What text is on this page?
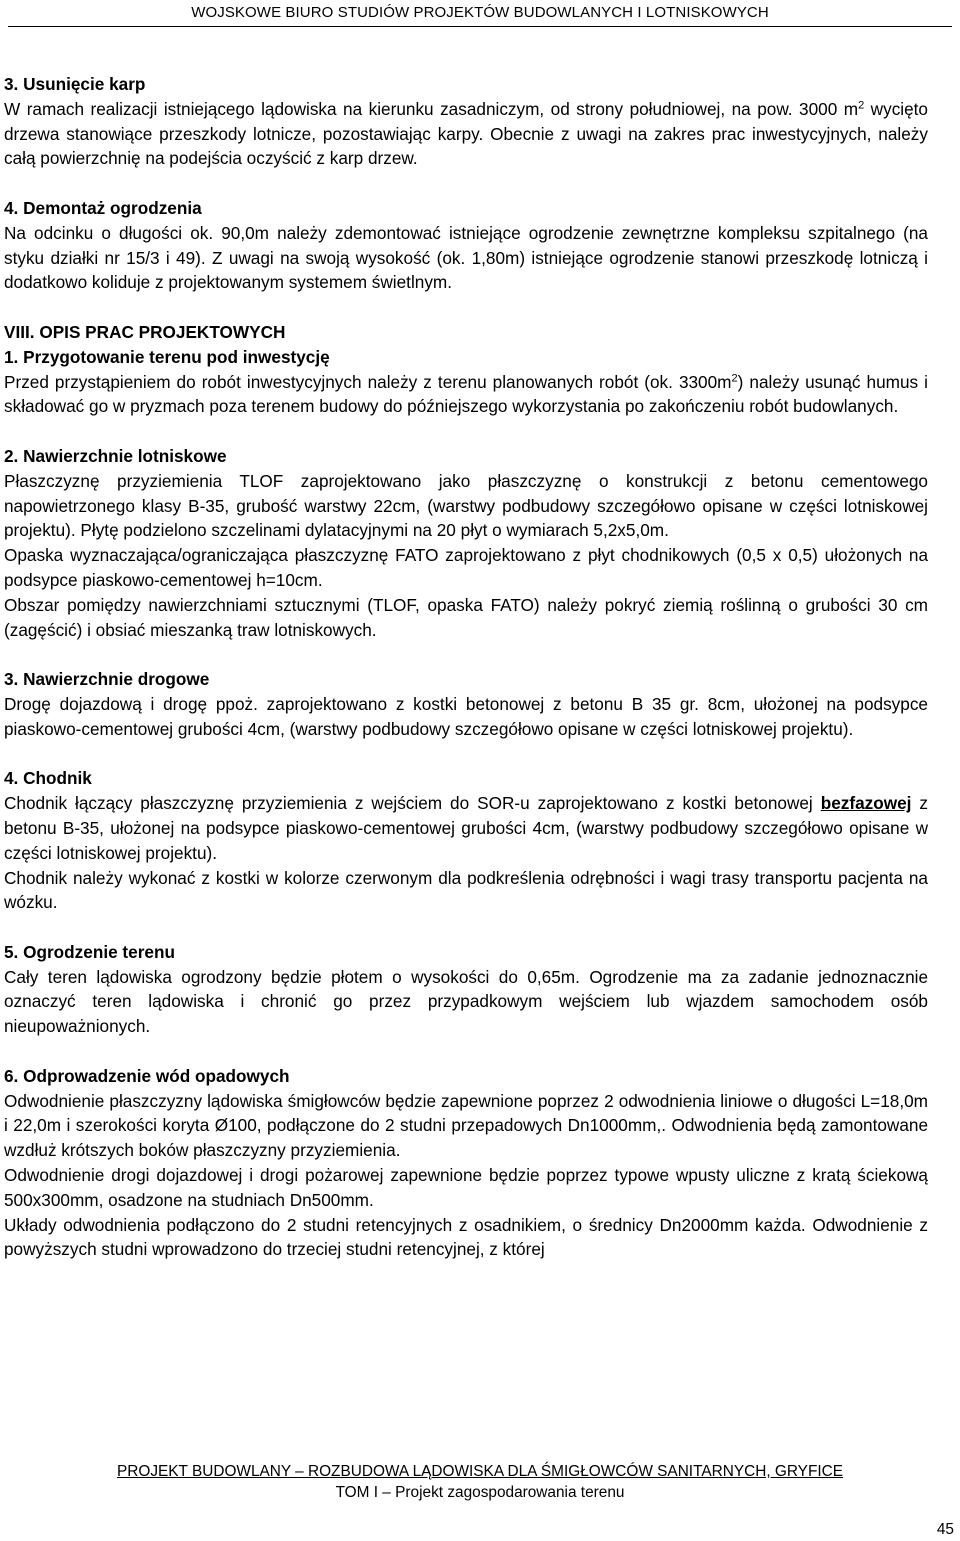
WOJSKOWE BIURO STUDIÓW PROJEKTÓW BUDOWLANYCH I LOTNISKOWYCH
3. Usunięcie karp

W ramach realizacji istniejącego lądowiska na kierunku zasadniczym, od strony południowej, na pow. 3000 $m^2$ wycięto drzewa stanowiące przeszkody lotnicze, pozostawiając karpy. Obecnie z uwagi na zakres prac inwestycyjnych, należy całą powierzchnię na podejścia oczyścić z karp drzew.

4. Demontaż ogrodzenia

Na odcinku o długości ok. 90,0m należy zdemontować istniejące ogrodzenie zewnętrzne kompleksu szpitalnego (na styku działki nr 15/3 i 49). Z uwagi na swoją wysokość (ok. 1,80m) istniejące ogrodzenie stanowi przeszkodę lotniczą i dodatkowo koliduje z projektowanym systemem świetlnym.

VIII. OPIS PRAC PROJEKTOWYCH
1. Przygotowanie terenu pod inwestycję

Przed przystąpieniem do robót inwestycyjnych należy z terenu planowanych robót (ok. $3300m^2$) należy usunąć humus i składować go w pryzmach poza terenem budowy do późniejszego wykorzystania po zakończeniu robót budowlanych.

2. Nawierzchnie lotniskowe

Płaszczyznę przyziemienia TLOF zaprojektowano jako płaszczyznę o konstrukcji z betonu cementowego napowietrzonego klasy B-35, grubość warstwy 22cm, (warstwy podbudowy szczegółowo opisane w części lotniskowej projektu). Płytę podzielono szczelinami dylatacyjnymi na 20 płyt o wymiarach 5,2x5,0m.

Opaska wyznaczająca/ograniczająca płaszczyznę FATO zaprojektowano z płyt chodnikowych (0,5 x 0,5) ułożonych na podsypce piaskowo-cementowej h=10cm.

Obszar pomiędzy nawierzchniami sztucznymi (TLOF, opaska FATO) należy pokryć ziemią roślinną o grubości 30 cm (zagęścić) i obsiać mieszanką traw lotniskowych.

3. Nawierzchnie drogowe

Drogę dojazdową i drogę ppoż. zaprojektowano z kostki betonowej z betonu B 35 gr. 8cm, ułożonej na podsypce piaskowo-cementowej grubości 4cm, (warstwy podbudowy szczegółowo opisane w części lotniskowej projektu).

4. Chodnik

Chodnik łączący płaszczyznę przyziemienia z wejściem do SOR-u zaprojektowano z kostki betonowej bezfazowej z betonu B-35, ułożonej na podsypce piaskowo-cementowej grubości 4cm, (warstwy podbudowy szczegółowo opisane w części lotniskowej projektu).

Chodnik należy wykonać z kostki w kolorze czerwonym dla podkreślenia odrębności i wagi trasy transportu pacjenta na wózku.

5. Ogrodzenie terenu

Cały teren lądowiska ogrodzony będzie płotem o wysokości do 0,65m. Ogrodzenie ma za zadanie jednoznacznie oznaczyć teren lądowiska i chronić go przez przypadkowym wejściem lub wjazdem samochodem osób nieupoważnionych.

6. Odprowadzenie wód opadowych

Odwodnienie płaszczyzny lądowiska śmigłowców będzie zapewnione poprzez 2 odwodnienia liniowe o długości L=18,0m i 22,0m i szerokości koryta Ø100, podłączone do 2 studni przepadowych Dn1000mm,. Odwodnienia będą zamontowane wzdłuż krótszych boków płaszczyzny przyziemienia.

Odwodnienie drogi dojazdowej i drogi pożarowej zapewnione będzie poprzez typowe wpusty uliczne z kratą ściekową 500x300mm, osadzone na studniach Dn500mm.

Układy odwodnienia podłączono do 2 studni retencyjnych z osadnikiem, o średnicy Dn2000mm każda. Odwodnienie z powyższych studni wprowadzono do trzeciej studni retencyjnej, z której

PROJEKT BUDOWLANY – ROZBUDOWA LĄDOWISKA DLA ŚMIGŁOWCÓW SANITARNYCH, GRYFICE
TOM I – Projekt zagospodarowania terenu
45
